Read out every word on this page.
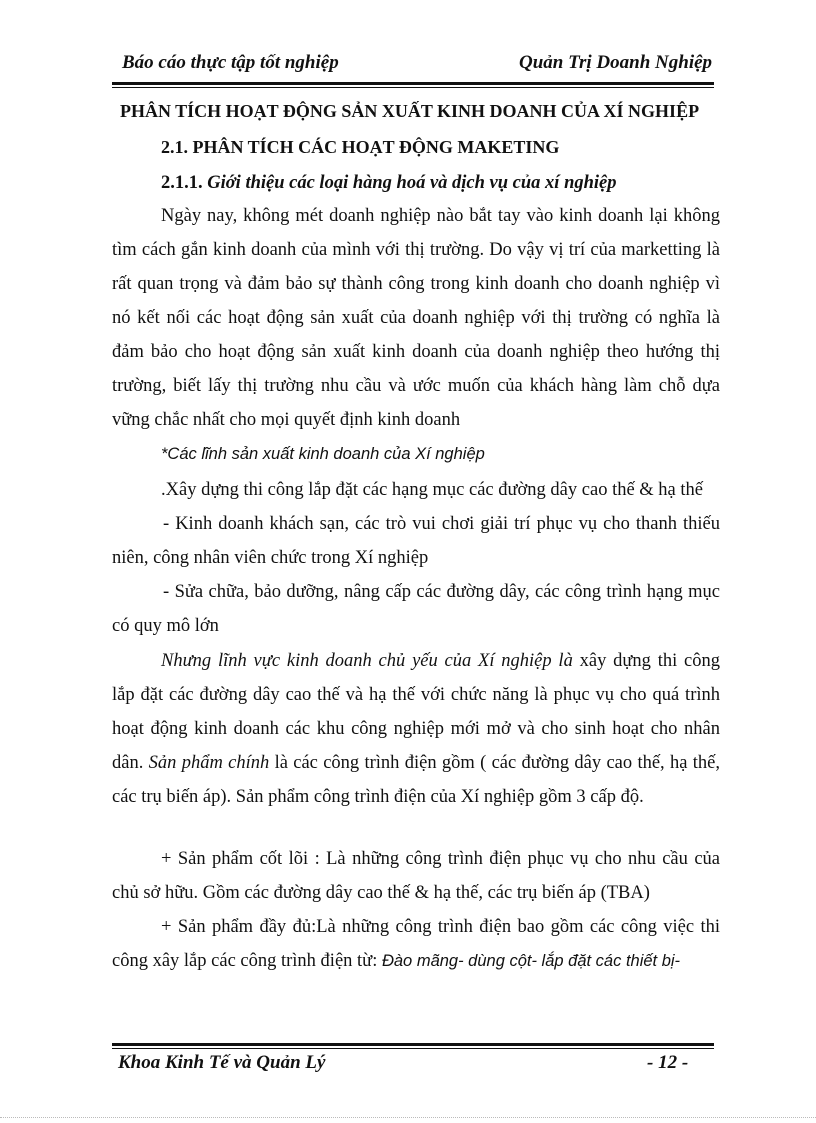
Báo cáo thực tập tốt nghiệp	Quản Trị Doanh Nghiệp
PHÂN TÍCH HOẠT ĐỘNG SẢN XUẤT KINH DOANH CỦA XÍ NGHIỆP
2.1. PHÂN TÍCH CÁC HOẠT ĐỘNG MAKETING
2.1.1. Giới thiệu các loại hàng hoá và dịch vụ của xí nghiệp
Ngày nay, không mét doanh nghiệp nào bắt tay vào kinh doanh lại không
tìm cách gắn kinh doanh của mình với thị trường. Do vậy vị trí của marketting là
rất quan trọng và đảm bảo sự thành công trong kinh doanh cho doanh nghiệp vì
nó kết nối các hoạt động sản xuất của doanh nghiệp với thị trường có nghĩa là
đảm bảo cho hoạt động sản xuất kinh doanh của doanh nghiệp theo hướng thị
trường, biết lấy thị trường nhu cầu và ước muốn của khách hàng làm chỗ dựa
vững chắc nhất cho mọi quyết định kinh doanh
*Các lĩnh sản xuất kinh doanh của Xí nghiệp
.Xây dựng thi công lắp đặt các hạng mục các đường dây cao thế & hạ thế
- Kinh doanh khách sạn, các trò vui chơi giải trí phục vụ cho thanh thiếu
niên, công nhân viên chức trong Xí nghiệp
- Sửa chữa, bảo dưỡng, nâng cấp các đường dây, các công trình hạng mục
có quy mô lớn
Nhưng lĩnh vực kinh doanh chủ yếu của Xí nghiệp là xây dựng thi công
lắp đặt các đường dây cao thế và hạ thế với chức năng là phục vụ cho quá trình
hoạt động kinh doanh các khu công nghiệp mới mở và cho sinh hoạt cho nhân
dân. Sản phẩm chính là các công trình điện gồm ( các đường dây cao thế, hạ thế,
các trụ biến áp). Sản phẩm công trình điện của Xí nghiệp gồm 3 cấp độ.
+ Sản phẩm cốt lõi : Là những công trình điện phục vụ cho nhu cầu của
chủ sở hữu. Gồm các đường dây cao thế & hạ thế, các trụ biến áp (TBA)
+ Sản phẩm đầy đủ:Là những công trình điện bao gồm các công việc thi
công xây lắp các công trình điện từ: Đào mãng- dùng cột- lắp đặt các thiết bị-
Khoa Kinh Tế và Quản Lý	- 12 -
